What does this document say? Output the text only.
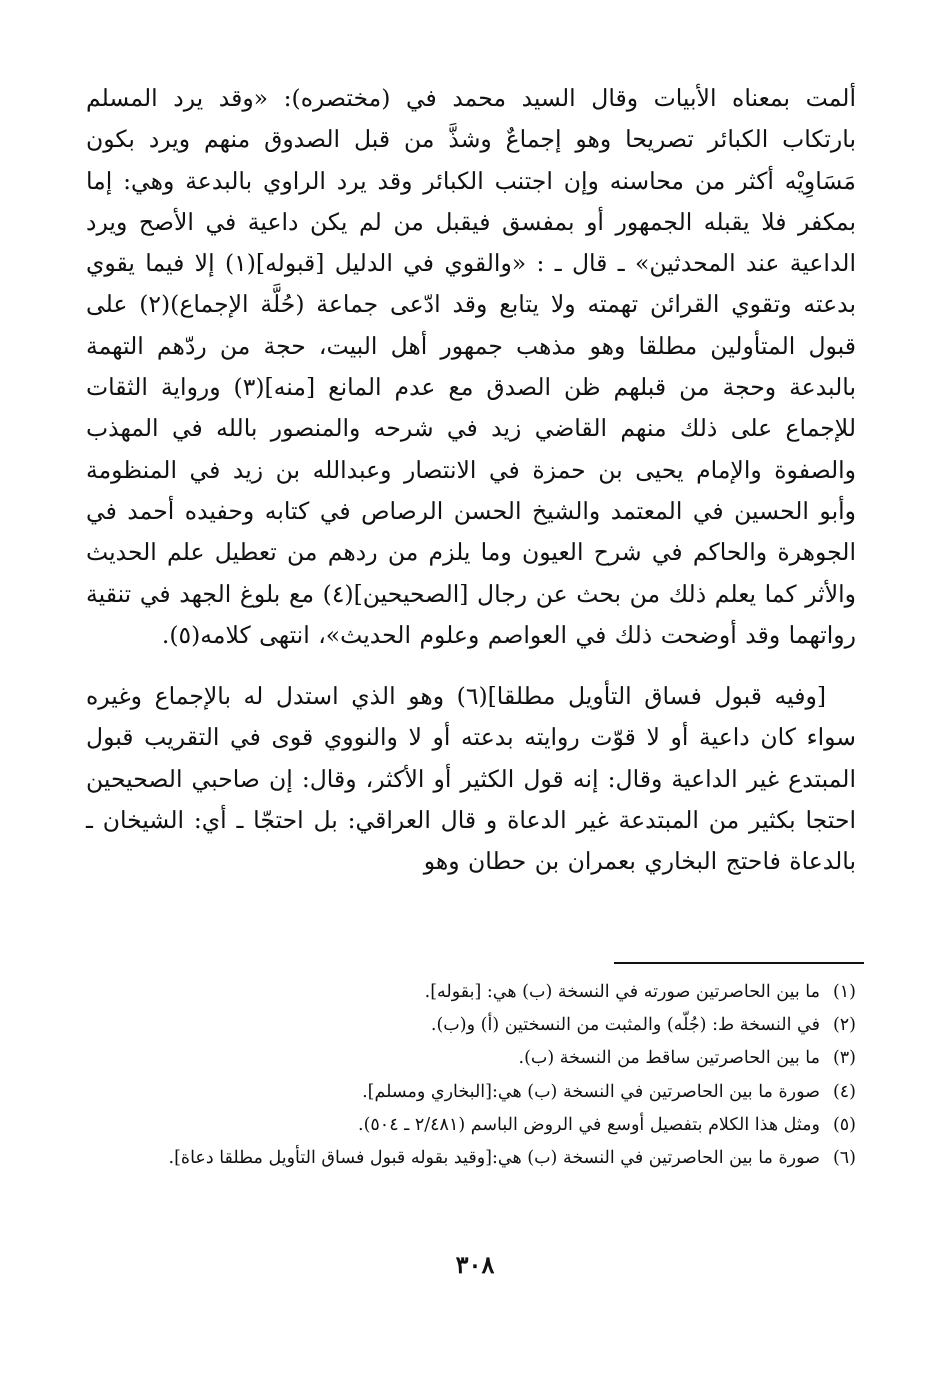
ألمت بمعناه الأبيات وقال السيد محمد في (مختصره): «وقد يرد المسلم بارتكاب الكبائر تصريحا وهو إجماعٌ وشذَّ من قبل الصدوق منهم ويرد بكون مَسَاوِيْه أكثر من محاسنه وإن اجتنب الكبائر وقد يرد الراوي بالبدعة وهي: إما بمكفر فلا يقبله الجمهور أو بمفسق فيقبل من لم يكن داعية في الأصح ويرد الداعية عند المحدثين» ـ قال ـ : «والقوي في الدليل [قبوله](١) إلا فيما يقوي بدعته وتقوي القرائن تهمته ولا يتابع وقد ادّعى جماعة (حُلَّة الإجماع)(٢) على قبول المتأولين مطلقا وهو مذهب جمهور أهل البيت، حجة من ردّهم التهمة بالبدعة وحجة من قبلهم ظن الصدق مع عدم المانع [منه](٣) ورواية الثقات للإجماع على ذلك منهم القاضي زيد في شرحه والمنصور بالله في المهذب والصفوة والإمام يحيى بن حمزة في الانتصار وعبدالله بن زيد في المنظومة وأبو الحسين في المعتمد والشيخ الحسن الرصاص في كتابه وحفيده أحمد في الجوهرة والحاكم في شرح العيون وما يلزم من ردهم من تعطيل علم الحديث والأثر كما يعلم ذلك من بحث عن رجال [الصحيحين](٤) مع بلوغ الجهد في تنقية رواتهما وقد أوضحت ذلك في العواصم وعلوم الحديث»، انتهى كلامه(٥).

[وفيه قبول فساق التأويل مطلقا](٦) وهو الذي استدل له بالإجماع وغيره سواء كان داعية أو لا قوّت روايته بدعته أو لا والنووي قوى في التقريب قبول المبتدع غير الداعية وقال: إنه قول الكثير أو الأكثر، وقال: إن صاحبي الصحيحين احتجا بكثير من المبتدعة غير الدعاة و قال العراقي: بل احتجّا ـ أي: الشيخان ـ بالدعاة فاحتج البخاري بعمران بن حطان وهو

(١)
ما بين الحاصرتين صورته في النسخة (ب) هي: [بقوله].
(٢)
في النسخة ط: (جُلّه) والمثبت من النسختين (أ) و(ب).
(٣)
ما بين الحاصرتين ساقط من النسخة (ب).
(٤)
صورة ما بين الحاصرتين في النسخة (ب) هي:[البخاري ومسلم].
(٥)
ومثل هذا الكلام بتفصيل أوسع في الروض الباسم (٢/٤٨١ ـ ٥٠٤).
(٦)
صورة ما بين الحاصرتين في النسخة (ب) هي:[وقيد بقوله قبول فساق التأويل مطلقا دعاة].
٣٠٨
